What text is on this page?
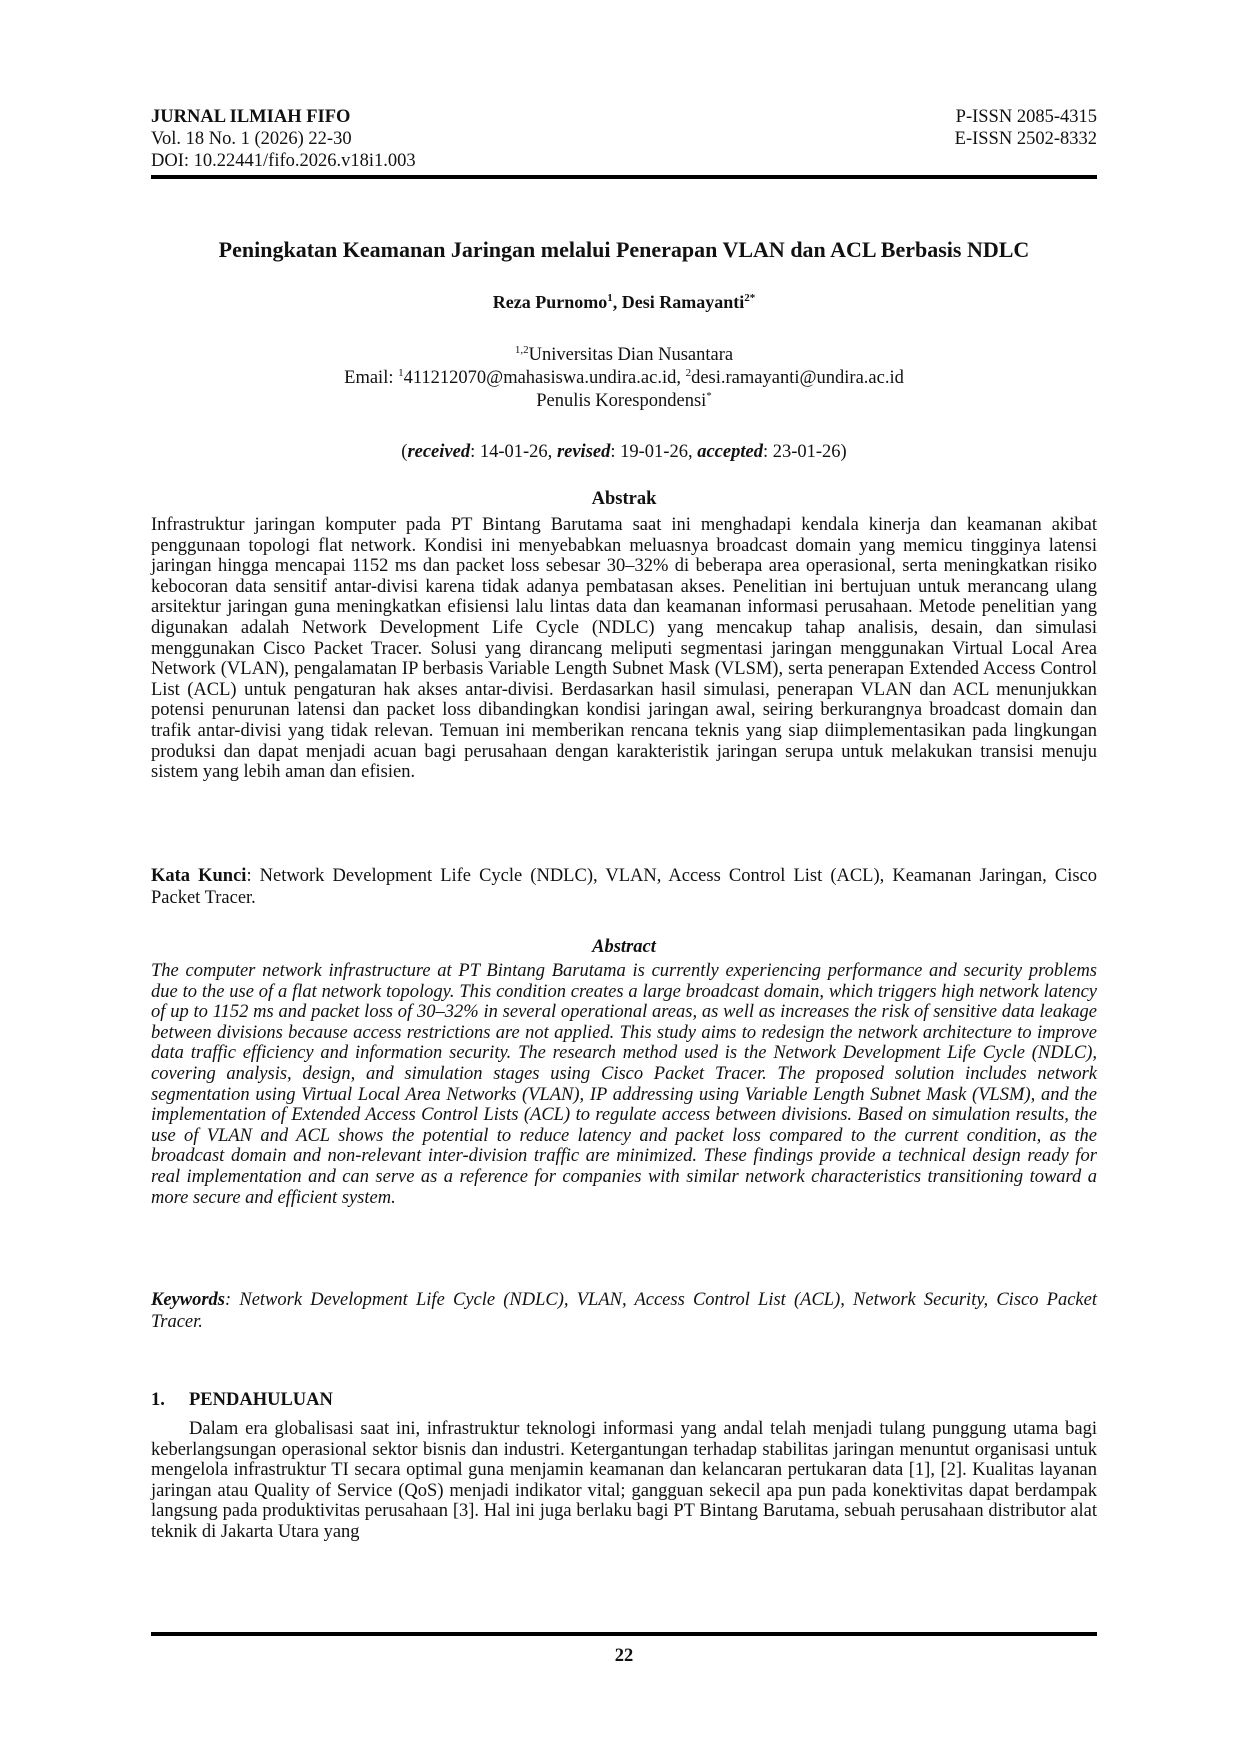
JURNAL ILMIAH FIFO	P-ISSN 2085-4315
Vol. 18 No. 1 (2026) 22-30	E-ISSN 2502-8332
DOI: 10.22441/fifo.2026.v18i1.003
Peningkatan Keamanan Jaringan melalui Penerapan VLAN dan ACL Berbasis NDLC
Reza Purnomo$^1$, Desi Ramayanti$^{2*}$
$^{1,2}$Universitas Dian Nusantara
Email: $^1$411212070@mahasiswa.undira.ac.id, $^2$desi.ramayanti@undira.ac.id
Penulis Korespondensi*
(received: 14-01-26, revised: 19-01-26, accepted: 23-01-26)
Abstrak
Infrastruktur jaringan komputer pada PT Bintang Barutama saat ini menghadapi kendala kinerja dan keamanan akibat penggunaan topologi flat network. Kondisi ini menyebabkan meluasnya broadcast domain yang memicu tingginya latensi jaringan hingga mencapai 1152 ms dan packet loss sebesar 30–32% di beberapa area operasional, serta meningkatkan risiko kebocoran data sensitif antar-divisi karena tidak adanya pembatasan akses. Penelitian ini bertujuan untuk merancang ulang arsitektur jaringan guna meningkatkan efisiensi lalu lintas data dan keamanan informasi perusahaan. Metode penelitian yang digunakan adalah Network Development Life Cycle (NDLC) yang mencakup tahap analisis, desain, dan simulasi menggunakan Cisco Packet Tracer. Solusi yang dirancang meliputi segmentasi jaringan menggunakan Virtual Local Area Network (VLAN), pengalamatan IP berbasis Variable Length Subnet Mask (VLSM), serta penerapan Extended Access Control List (ACL) untuk pengaturan hak akses antar-divisi. Berdasarkan hasil simulasi, penerapan VLAN dan ACL menunjukkan potensi penurunan latensi dan packet loss dibandingkan kondisi jaringan awal, seiring berkurangnya broadcast domain dan trafik antar-divisi yang tidak relevan. Temuan ini memberikan rencana teknis yang siap diimplementasikan pada lingkungan produksi dan dapat menjadi acuan bagi perusahaan dengan karakteristik jaringan serupa untuk melakukan transisi menuju sistem yang lebih aman dan efisien.
Kata Kunci: Network Development Life Cycle (NDLC), VLAN, Access Control List (ACL), Keamanan Jaringan, Cisco Packet Tracer.
Abstract
The computer network infrastructure at PT Bintang Barutama is currently experiencing performance and security problems due to the use of a flat network topology. This condition creates a large broadcast domain, which triggers high network latency of up to 1152 ms and packet loss of 30–32% in several operational areas, as well as increases the risk of sensitive data leakage between divisions because access restrictions are not applied. This study aims to redesign the network architecture to improve data traffic efficiency and information security. The research method used is the Network Development Life Cycle (NDLC), covering analysis, design, and simulation stages using Cisco Packet Tracer. The proposed solution includes network segmentation using Virtual Local Area Networks (VLAN), IP addressing using Variable Length Subnet Mask (VLSM), and the implementation of Extended Access Control Lists (ACL) to regulate access between divisions. Based on simulation results, the use of VLAN and ACL shows the potential to reduce latency and packet loss compared to the current condition, as the broadcast domain and non-relevant inter-division traffic are minimized. These findings provide a technical design ready for real implementation and can serve as a reference for companies with similar network characteristics transitioning toward a more secure and efficient system.
Keywords: Network Development Life Cycle (NDLC), VLAN, Access Control List (ACL), Network Security, Cisco Packet Tracer.
1. PENDAHULUAN
Dalam era globalisasi saat ini, infrastruktur teknologi informasi yang andal telah menjadi tulang punggung utama bagi keberlangsungan operasional sektor bisnis dan industri. Ketergantungan terhadap stabilitas jaringan menuntut organisasi untuk mengelola infrastruktur TI secara optimal guna menjamin keamanan dan kelancaran pertukaran data [1], [2]. Kualitas layanan jaringan atau Quality of Service (QoS) menjadi indikator vital; gangguan sekecil apa pun pada konektivitas dapat berdampak langsung pada produktivitas perusahaan [3]. Hal ini juga berlaku bagi PT Bintang Barutama, sebuah perusahaan distributor alat teknik di Jakarta Utara yang
22
